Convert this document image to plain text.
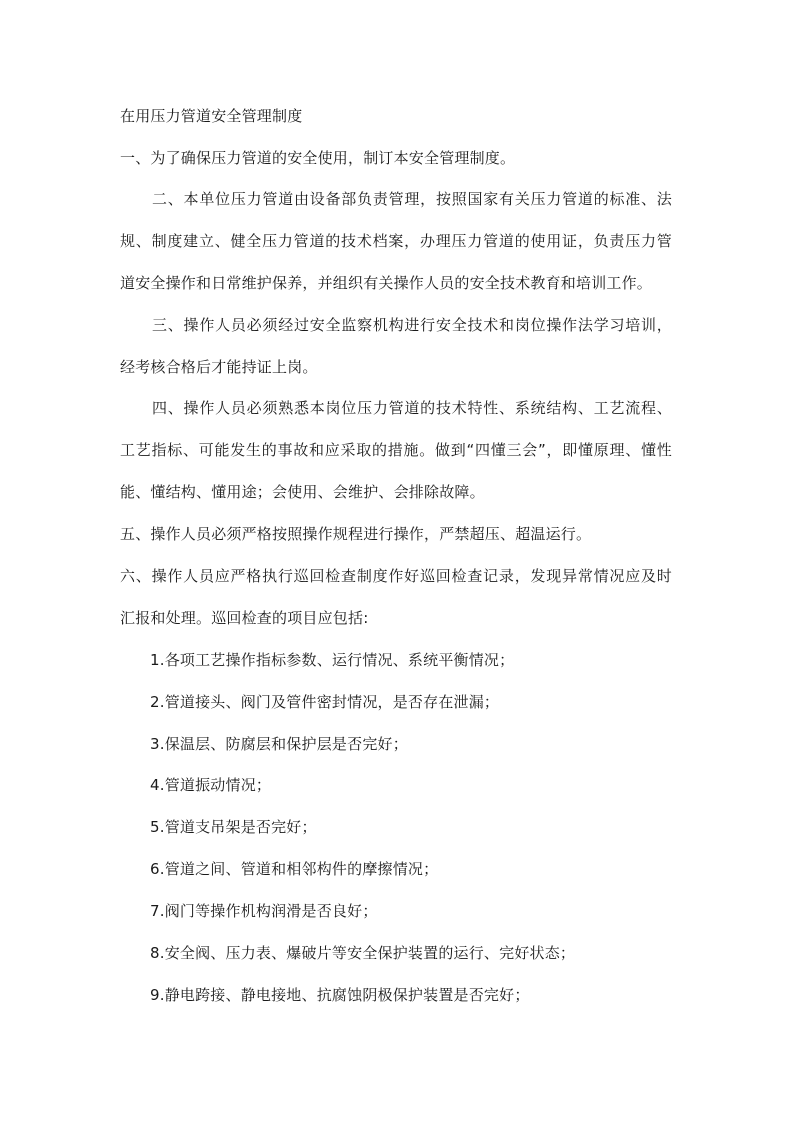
在用压力管道安全管理制度
一、为了确保压力管道的安全使用，制订本安全管理制度。
二、本单位压力管道由设备部负责管理，按照国家有关压力管道的标准、法
规、制度建立、健全压力管道的技术档案，办理压力管道的使用证，负责压力管
道安全操作和日常维护保养，并组织有关操作人员的安全技术教育和培训工作。
三、操作人员必须经过安全监察机构进行安全技术和岗位操作法学习培训，
经考核合格后才能持证上岗。
四、操作人员必须熟悉本岗位压力管道的技术特性、系统结构、工艺流程、
工艺指标、可能发生的事故和应采取的措施。做到“四懂三会”，即懂原理、懂性
能、懂结构、懂用途；会使用、会维护、会排除故障。
五、操作人员必须严格按照操作规程进行操作，严禁超压、超温运行。
六、操作人员应严格执行巡回检查制度作好巡回检查记录，发现异常情况应及时
汇报和处理。巡回检查的项目应包括:
1.各项工艺操作指标参数、运行情况、系统平衡情况；
2.管道接头、阀门及管件密封情况，是否存在泄漏；
3.保温层、防腐层和保护层是否完好；
4.管道振动情况；
5.管道支吊架是否完好；
6.管道之间、管道和相邻构件的摩擦情况；
7.阀门等操作机构润滑是否良好；
8.安全阀、压力表、爆破片等安全保护装置的运行、完好状态；
9.静电跨接、静电接地、抗腐蚀阴极保护装置是否完好；
